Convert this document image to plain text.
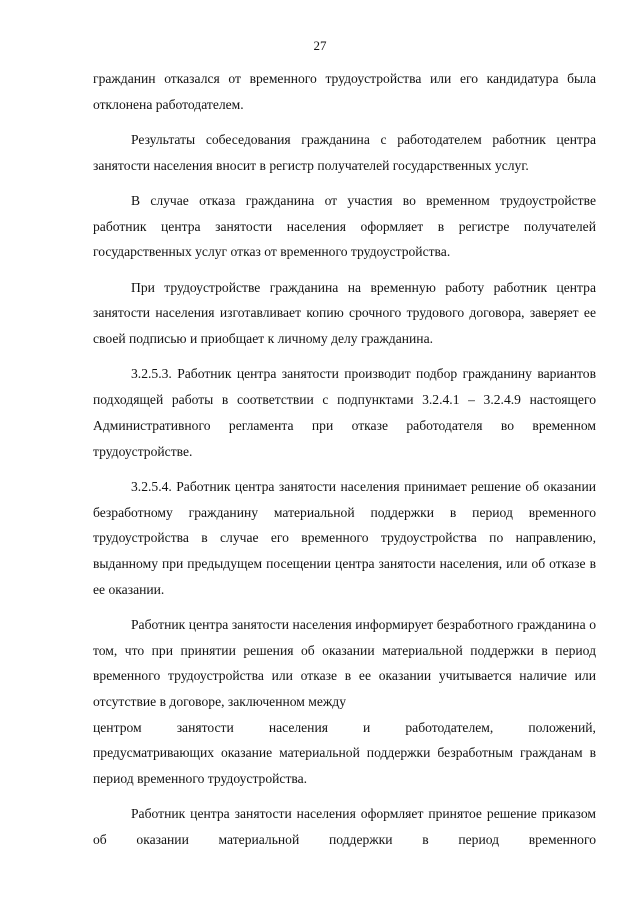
27

гражданин отказался от временного трудоустройства или его кандидатура была отклонена работодателем.

Результаты собеседования гражданина с работодателем работник центра занятости населения вносит в регистр получателей государственных услуг.

В случае отказа гражданина от участия во временном трудоустройстве работник центра занятости населения оформляет в регистре получателей государственных услуг отказ от временного трудоустройства.

При трудоустройстве гражданина на временную работу работник центра занятости населения изготавливает копию срочного трудового договора, заверяет ее своей подписью и приобщает к личному делу гражданина.

3.2.5.3. Работник центра занятости производит подбор гражданину вариантов подходящей работы в соответствии с подпунктами 3.2.4.1 – 3.2.4.9 настоящего Административного регламента при отказе работодателя во временном трудоустройстве.

3.2.5.4. Работник центра занятости населения принимает решение об оказании безработному гражданину материальной поддержки в период временного трудоустройства в случае его временного трудоустройства по направлению, выданному при предыдущем посещении центра занятости населения, или об отказе в ее оказании.

Работник центра занятости населения информирует безработного гражданина о том, что при принятии решения об оказании материальной поддержки в период временного трудоустройства или отказе в ее оказании учитывается наличие или отсутствие в договоре, заключенном между
центром	занятости	населения	и	работодателем,	положений,
предусматривающих оказание материальной поддержки безработным гражданам в период временного трудоустройства.

Работник центра занятости населения оформляет принятое решение приказом об оказании материальной поддержки в период временного
